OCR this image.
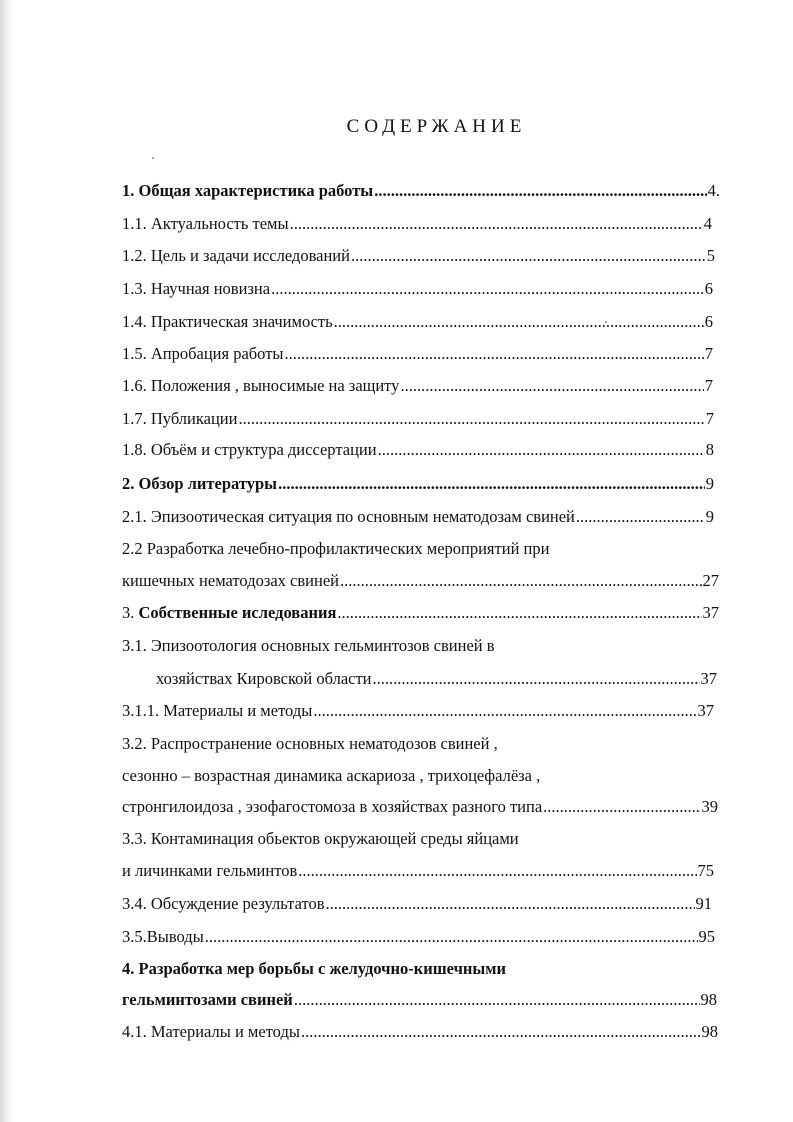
СОДЕРЖАНИЕ
1. Общая характеристика работы .....	4.
1.1. Актуальность темы .....	4
1.2. Цель и задачи исследований .....	5
1.3. Научная новизна .....	6
1.4. Практическая значимость .....	6
1.5. Апробация работы .....	7
1.6. Положения , выносимые на защиту .....	7
1.7. Публикации .....	7
1.8. Объём и структура диссертации .....	8
2. Обзор литературы .....	9
2.1. Эпизоотическая ситуация по основным нематодозам свиней .....	9
2.2 Разработка лечебно-профилактических мероприятий при
кишечных нематодозах свиней .....	27
3. Собственные иследования .....	37
3.1. Эпизоотология основных гельминтозов свиней в
хозяйствах Кировской области .....	37
3.1.1. Материалы и методы .....	37
3.2. Распространение основных нематодозов свиней ,
сезонно – возрастная динамика аскариоза , трихоцефалёза ,
стронгилоидоза , эзофагостомоза в хозяйствах разного типа .....	39
3.3. Контаминация обьектов окружающей среды яйцами
и личинками гельминтов .....	75
3.4. Обсуждение результатов .....	91
3.5.Выводы .....	95
4. Разработка мер борьбы с желудочно-кишечными
гельминтозами свиней .....	98
4.1. Материалы и методы .....	98
